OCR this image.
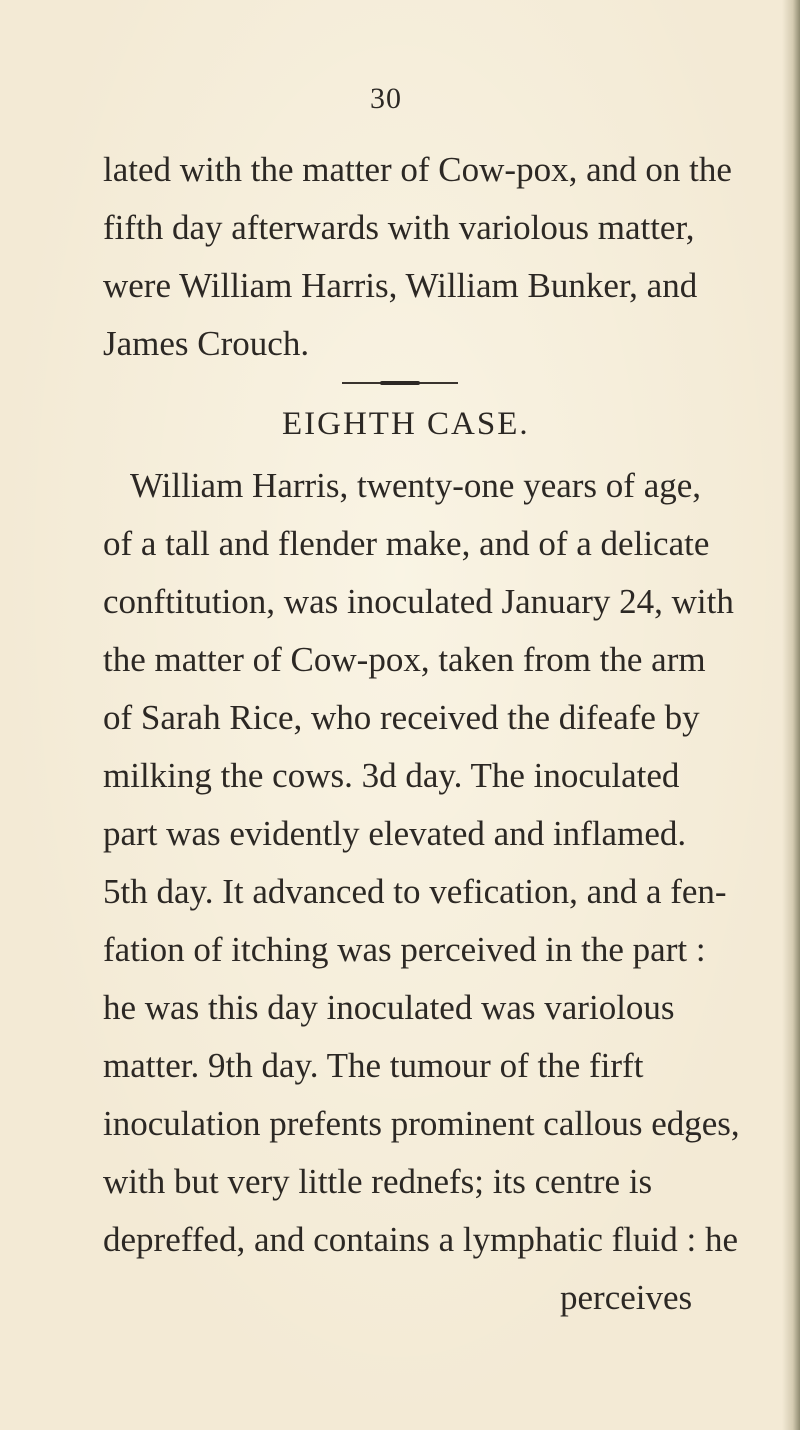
30
lated with the matter of Cow-pox, and on the
fifth day afterwards with variolous matter,
were William Harris, William Bunker, and
James Crouch.
EIGHTH CASE.
William Harris, twenty-one years of age,
of a tall and flender make, and of a delicate
conftitution, was inoculated January 24, with
the matter of Cow-pox, taken from the arm
of Sarah Rice, who received the difeafe by
milking the cows. 3d day. The inoculated
part was evidently elevated and inflamed.
5th day. It advanced to vefication, and a fen-
fation of itching was perceived in the part :
he was this day inoculated was variolous
matter. 9th day. The tumour of the firft
inoculation prefents prominent callous edges,
with but very little rednefs; its centre is
depreffed, and contains a lymphatic fluid : he
perceives
